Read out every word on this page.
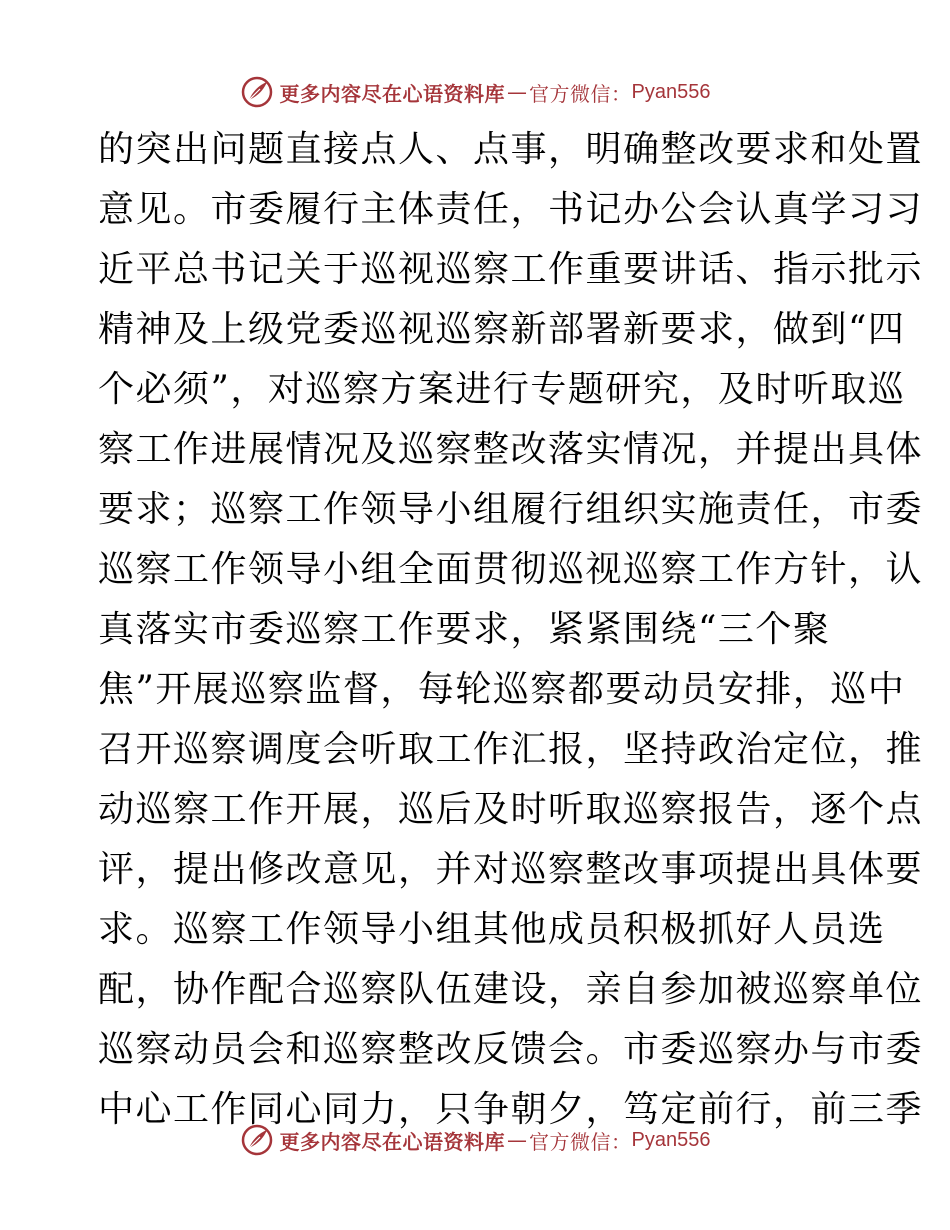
更多内容尽在心语资料库 — 官方微信： Pyan556
的突出问题直接点人、点事，明确整改要求和处置
意见。市委履行主体责任，书记办公会认真学习习
近平总书记关于巡视巡察工作重要讲话、指示批示
精神及上级党委巡视巡察新部署新要求，做到“四
个必须”，对巡察方案进行专题研究，及时听取巡
察工作进展情况及巡察整改落实情况，并提出具体
要求；巡察工作领导小组履行组织实施责任，市委
巡察工作领导小组全面贯彻巡视巡察工作方针，认
真落实市委巡察工作要求，紧紧围绕“三个聚
焦”开展巡察监督，每轮巡察都要动员安排，巡中
召开巡察调度会听取工作汇报，坚持政治定位，推
动巡察工作开展，巡后及时听取巡察报告，逐个点
评，提出修改意见，并对巡察整改事项提出具体要
求。巡察工作领导小组其他成员积极抓好人员选
配，协作配合巡察队伍建设，亲自参加被巡察单位
巡察动员会和巡察整改反馈会。市委巡察办与市委
中心工作同心同力，只争朝夕，笃定前行，前三季
更多内容尽在心语资料库 — 官方微信： Pyan556
